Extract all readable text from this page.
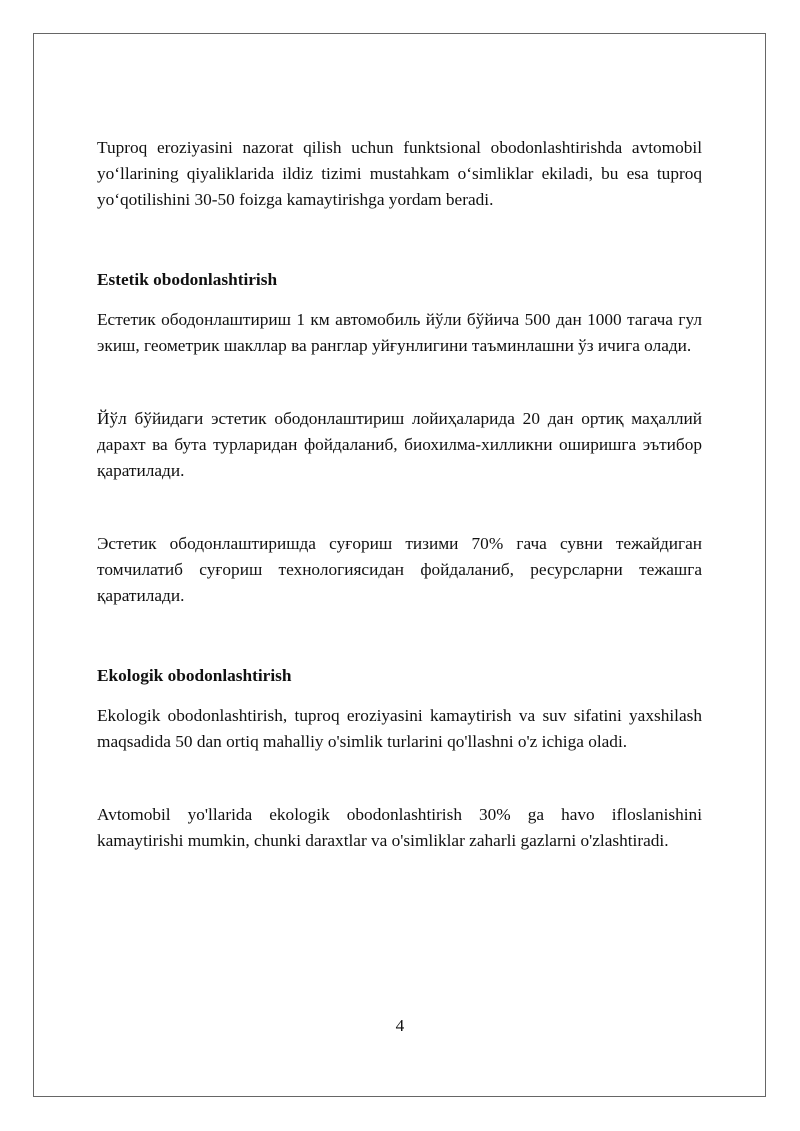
Tuproq eroziyasini nazorat qilish uchun funktsional obodonlashtirishda avtomobil yo‘llarining qiyaliklarida ildiz tizimi mustahkam o‘simliklar ekiladi, bu esa tuproq yo‘qotilishini 30-50 foizga kamaytirishga yordam beradi.

Estetik obodonlashtirish

Естетик ободонлаштириш 1 км автомобиль йўли бўйича 500 дан 1000 тагача гул экиш, геометрик шакллар ва ранглар уйғунлигини таъминлашни ўз ичига олади.

Йўл бўйидаги эстетик ободонлаштириш лойиҳаларида 20 дан ортиқ маҳаллий дарахт ва бута турларидан фойдаланиб, биохилма-хилликни оширишга эътибор қаратилади.

Эстетик ободонлаштиришда суғориш тизими 70% гача сувни тежайдиган томчилатиб суғориш технологиясидан фойдаланиб, ресурсларни тежашга қаратилади.

Ekologik obodonlashtirish

Ekologik obodonlashtirish, tuproq eroziyasini kamaytirish va suv sifatini yaxshilash maqsadida 50 dan ortiq mahalliy o'simlik turlarini qo'llashni o'z ichiga oladi.

Avtomobil yo'llarida ekologik obodonlashtirish 30% ga havo ifloslanishini kamaytirishi mumkin, chunki daraxtlar va o'simliklar zaharli gazlarni o'zlashtiradi.

4
